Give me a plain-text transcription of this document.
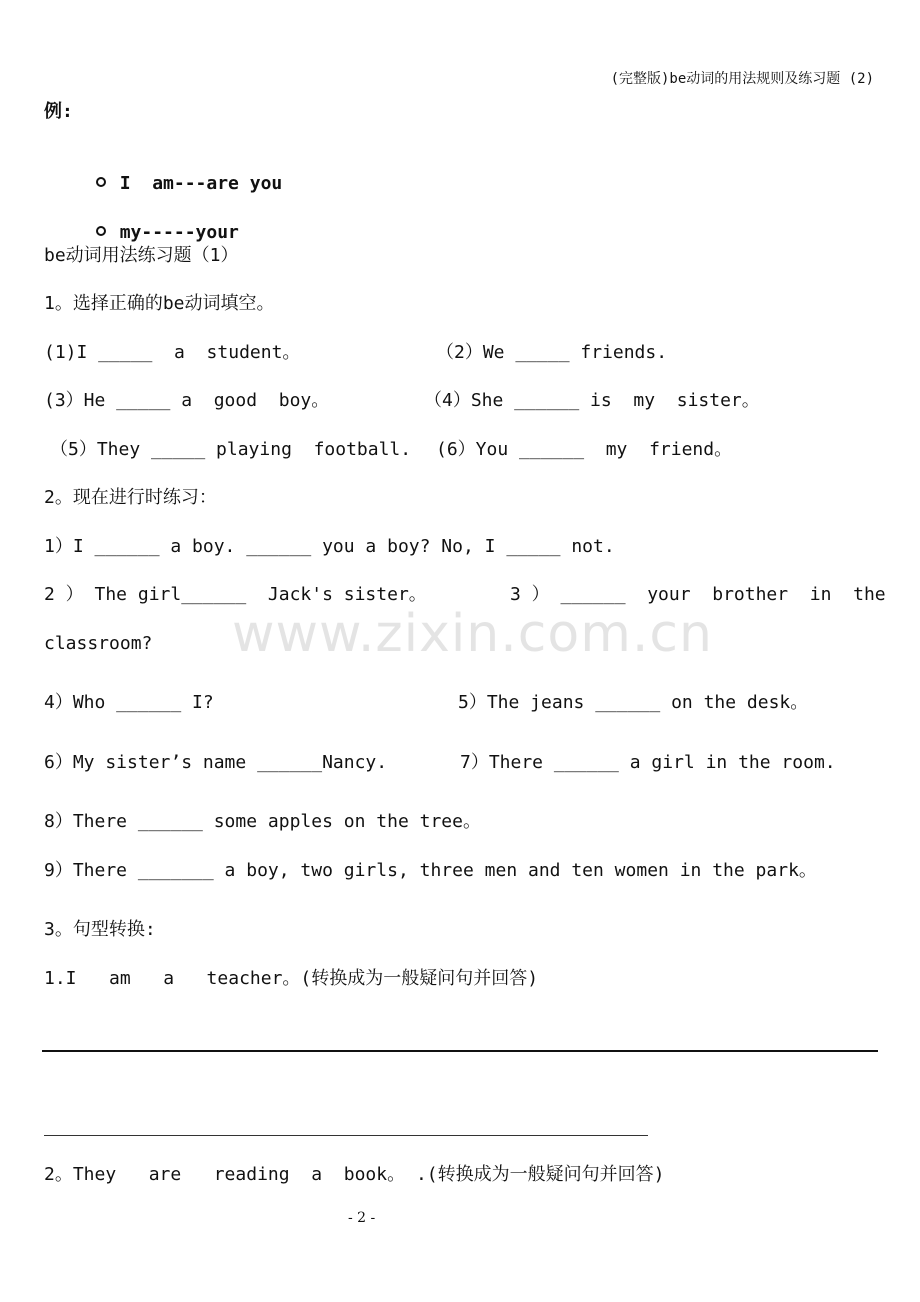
(完整版)be动词的用法规则及练习题 (2)
www.zixin.com.cn
例:

I  am---are you

my-----your

be动词用法练习题（1）
1。选择正确的be动词填空。
(1)I _____  a  student。	（2）We _____ friends.
(3）He _____ a  good  boy。	（4）She ______ is  my  sister。
（5）They _____ playing  football. (6）You ______  my  friend。
2。现在进行时练习：
1）I ______ a boy. ______ you a boy? No, I _____ not.
2 ） The girl______  Jack's sister。	3 ） ______  your  brother  in  the
classroom?
4）Who ______ I?	5）The jeans ______ on the desk。
6）My sister’s name ______Nancy.	7）There ______ a girl in the room.
8）There ______ some apples on the tree。
9）There _______ a boy, two girls, three men and ten women in the park。
3。句型转换:
1.I   am   a   teacher。(转换成为一般疑问句并回答)
2。They   are   reading  a  book。 .(转换成为一般疑问句并回答)
- 2 -
